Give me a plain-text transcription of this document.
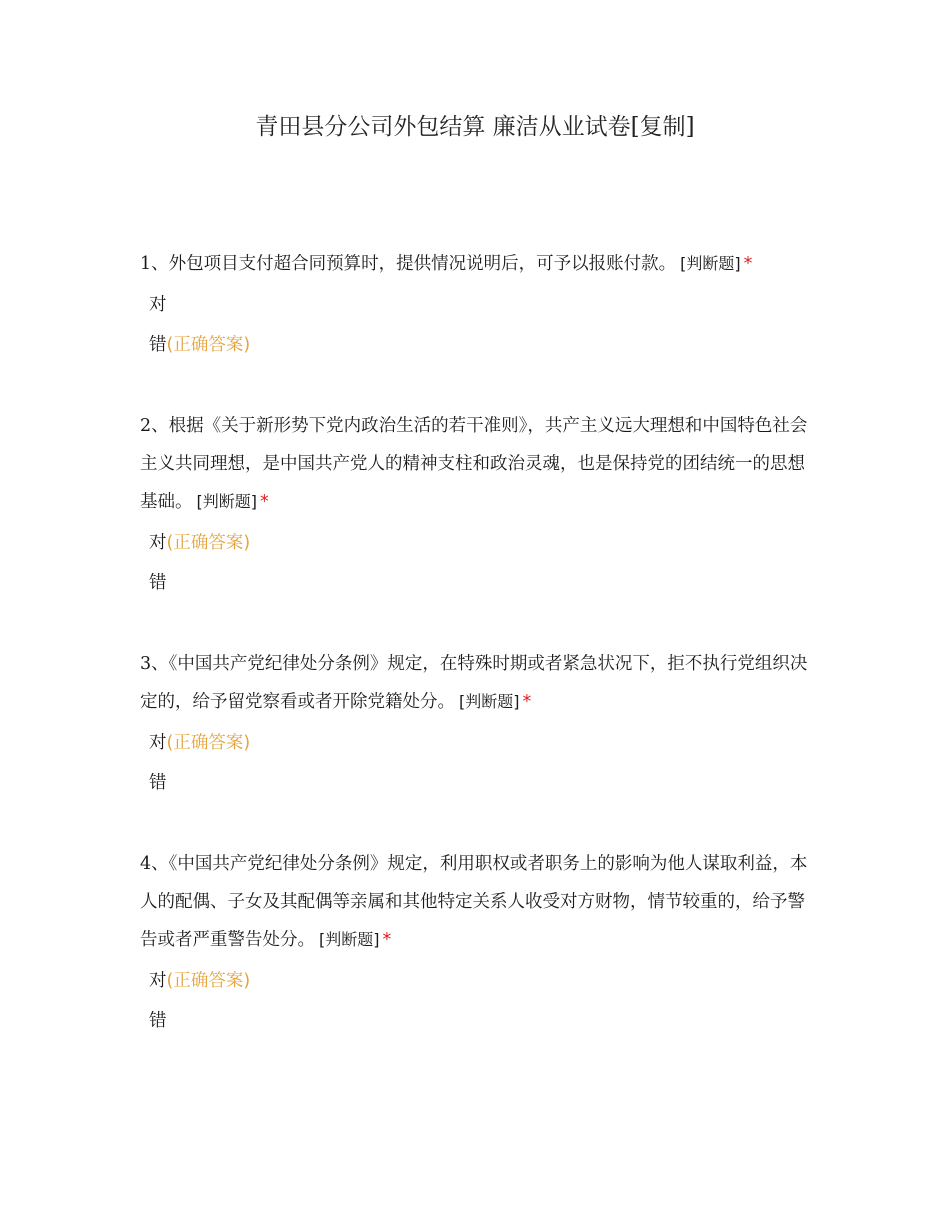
青田县分公司外包结算 廉洁从业试卷[复制]

1、外包项目支付超合同预算时，提供情况说明后，可予以报账付款。 [判断题] *

对
错(正确答案)

2、根据《关于新形势下党内政治生活的若干准则》，共产主义远大理想和中国特色社会主义共同理想，是中国共产党人的精神支柱和政治灵魂，也是保持党的团结统一的思想基础。 [判断题] *

对(正确答案)
错

3、《中国共产党纪律处分条例》规定，在特殊时期或者紧急状况下，拒不执行党组织决定的，给予留党察看或者开除党籍处分。 [判断题] *

对(正确答案)
错

4、《中国共产党纪律处分条例》规定，利用职权或者职务上的影响为他人谋取利益，本人的配偶、子女及其配偶等亲属和其他特定关系人收受对方财物，情节较重的，给予警告或者严重警告处分。 [判断题] *

对(正确答案)
错
